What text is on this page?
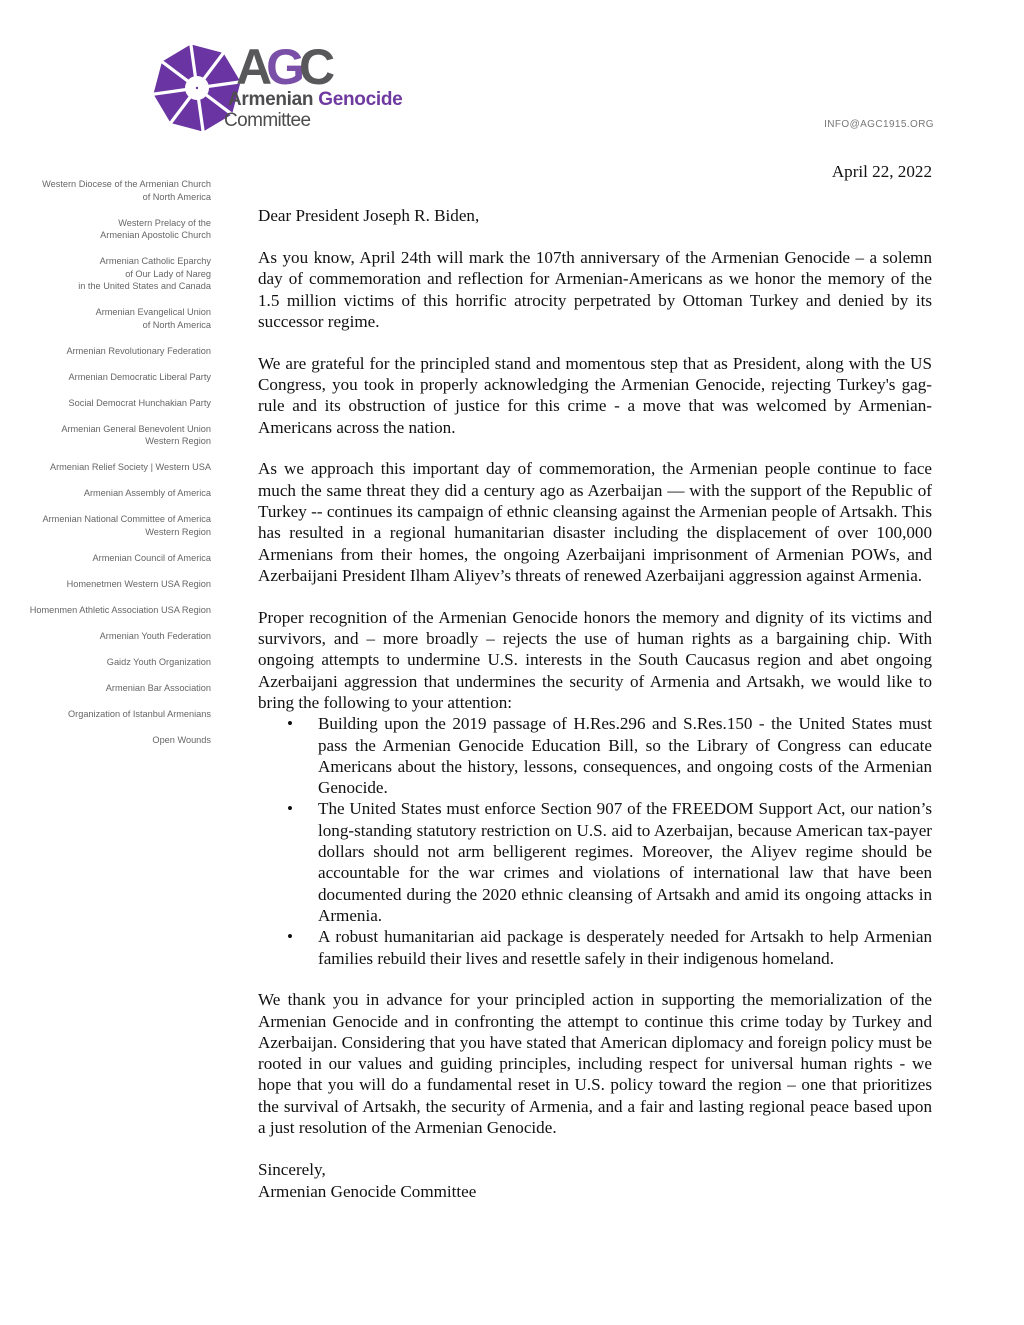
AGC
Armenian Genocide
Committee	INFO@AGC1915.ORG
Western Diocese of the Armenian Church
of North America
Western Prelacy of the
Armenian Apostolic Church
Armenian Catholic Eparchy
of Our Lady of Nareg
in the United States and Canada
Armenian Evangelical Union
of North America
Armenian Revolutionary Federation
Armenian Democratic Liberal Party
Social Democrat Hunchakian Party
Armenian General Benevolent Union
Western Region
Armenian Relief Society | Western USA
Armenian Assembly of America
Armenian National Committee of America
Western Region
Armenian Council of America
Homenetmen Western USA Region
Homenmen Athletic Association USA Region
Armenian Youth Federation
Gaidz Youth Organization
Armenian Bar Association
Organization of Istanbul Armenians
Open Wounds

April 22, 2022

Dear President Joseph R. Biden,

As you know, April 24th will mark the 107th anniversary of the Armenian Genocide – a solemn day of commemoration and reflection for Armenian-Americans as we honor the memory of the 1.5 million victims of this horrific atrocity perpetrated by Ottoman Turkey and denied by its successor regime.

We are grateful for the principled stand and momentous step that as President, along with the US Congress, you took in properly acknowledging the Armenian Genocide, rejecting Turkey's gag-rule and its obstruction of justice for this crime - a move that was welcomed by Armenian-Americans across the nation.

As we approach this important day of commemoration, the Armenian people continue to face much the same threat they did a century ago as Azerbaijan — with the support of the Republic of Turkey -- continues its campaign of ethnic cleansing against the Armenian people of Artsakh. This has resulted in a regional humanitarian disaster including the displacement of over 100,000 Armenians from their homes, the ongoing Azerbaijani imprisonment of Armenian POWs, and Azerbaijani President Ilham Aliyev’s threats of renewed Azerbaijani aggression against Armenia.

Proper recognition of the Armenian Genocide honors the memory and dignity of its victims and survivors, and – more broadly – rejects the use of human rights as a bargaining chip. With ongoing attempts to undermine U.S. interests in the South Caucasus region and abet ongoing Azerbaijani aggression that undermines the security of Armenia and Artsakh, we would like to bring the following to your attention:

• Building upon the 2019 passage of H.Res.296 and S.Res.150 - the United States must pass the Armenian Genocide Education Bill, so the Library of Congress can educate Americans about the history, lessons, consequences, and ongoing costs of the Armenian Genocide.
• The United States must enforce Section 907 of the FREEDOM Support Act, our nation’s long-standing statutory restriction on U.S. aid to Azerbaijan, because American tax-payer dollars should not arm belligerent regimes. Moreover, the Aliyev regime should be accountable for the war crimes and violations of international law that have been documented during the 2020 ethnic cleansing of Artsakh and amid its ongoing attacks in Armenia.
• A robust humanitarian aid package is desperately needed for Artsakh to help Armenian families rebuild their lives and resettle safely in their indigenous homeland.

We thank you in advance for your principled action in supporting the memorialization of the Armenian Genocide and in confronting the attempt to continue this crime today by Turkey and Azerbaijan. Considering that you have stated that American diplomacy and foreign policy must be rooted in our values and guiding principles, including respect for universal human rights - we hope that you will do a fundamental reset in U.S. policy toward the region – one that prioritizes the survival of Artsakh, the security of Armenia, and a fair and lasting regional peace based upon a just resolution of the Armenian Genocide.

Sincerely,

Armenian Genocide Committee
